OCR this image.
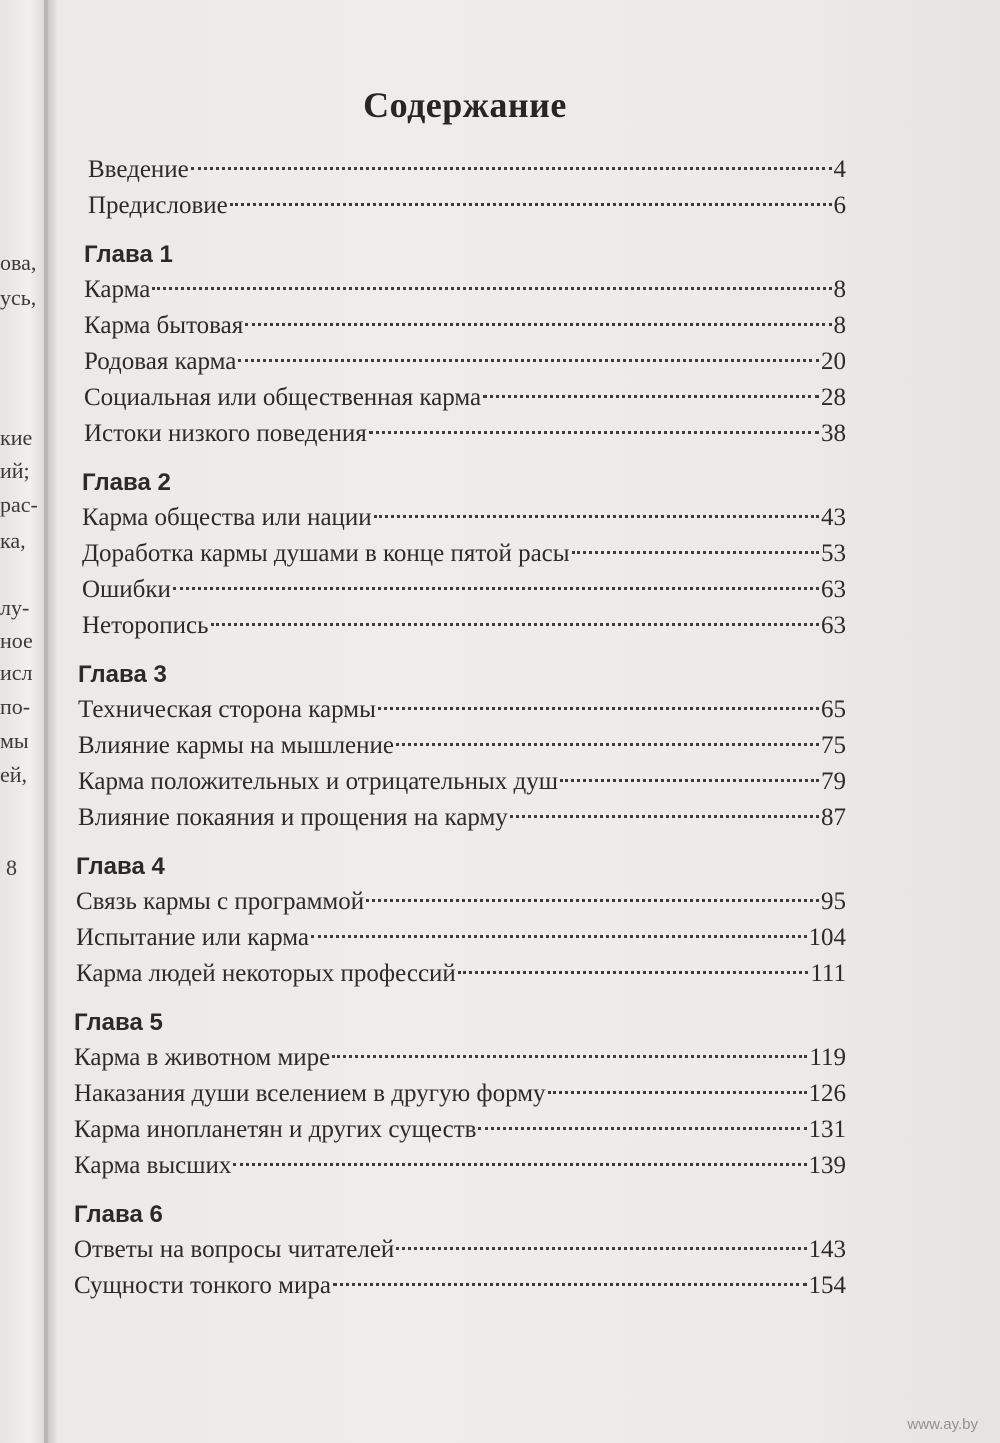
ова,
усь,
кие
ий;
рас-
ка,
лу-
ное
исл
по-
мы
ей,
8
Содержание
Введение	4
Предисловие	6
Глава 1
Карма	8
Карма бытовая	8
Родовая карма	20
Социальная или общественная карма	28
Истоки низкого поведения	38
Глава 2
Карма общества или нации	43
Доработка кармы душами в конце пятой расы	53
Ошибки	63
Неторопись	63
Глава 3
Техническая сторона кармы	65
Влияние кармы на мышление	75
Карма положительных и отрицательных душ	79
Влияние покаяния и прощения на карму	87
Глава 4
Связь кармы с программой	95
Испытание или карма	104
Карма людей некоторых профессий	111
Глава 5
Карма в животном мире	119
Наказания души вселением в другую форму	126
Карма инопланетян и других существ	131
Карма высших	139
Глава 6
Ответы на вопросы читателей	143
Сущности тонкого мира	154
www.ay.by
